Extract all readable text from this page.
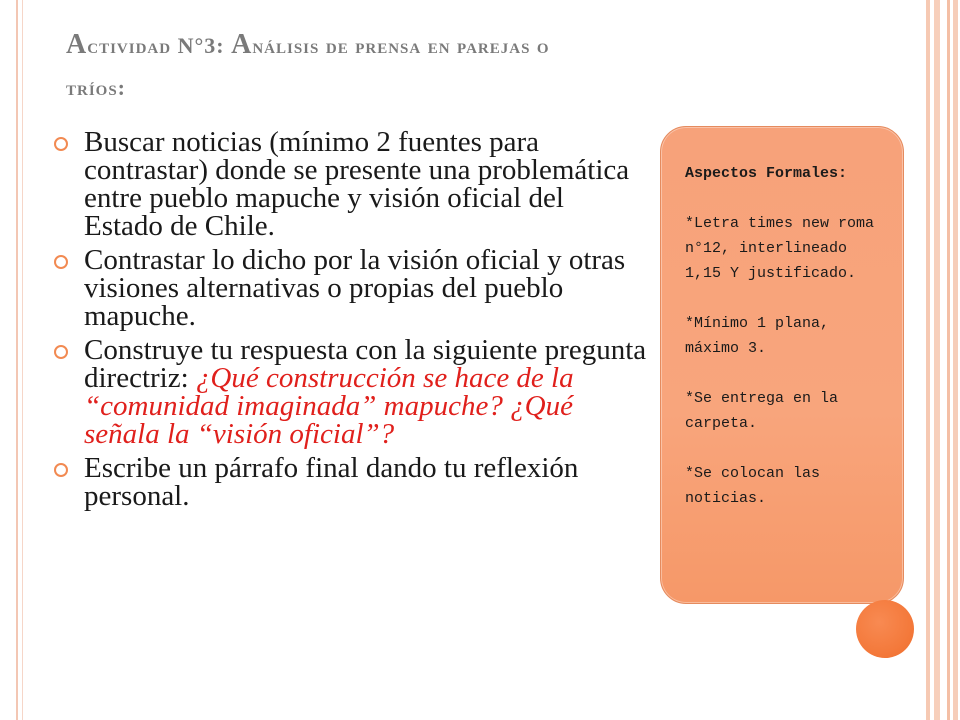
Actividad N°3: Análisis de prensa en parejas o
tríos:
Buscar noticias (mínimo 2 fuentes para contrastar) donde se presente una problemática entre pueblo mapuche y visión oficial del Estado de Chile.
Contrastar lo dicho por la visión oficial y otras visiones alternativas o propias del pueblo mapuche.
Construye tu respuesta con la siguiente pregunta directriz: ¿Qué construcción se hace de la “comunidad imaginada” mapuche? ¿Qué señala la “visión oficial”?
Escribe un párrafo final dando tu reflexión personal.
Aspectos Formales:
*Letra times new roma n°12, interlineado 1,15 Y justificado.
*Mínimo 1 plana, máximo 3.
*Se entrega en la carpeta.
*Se colocan las noticias.
